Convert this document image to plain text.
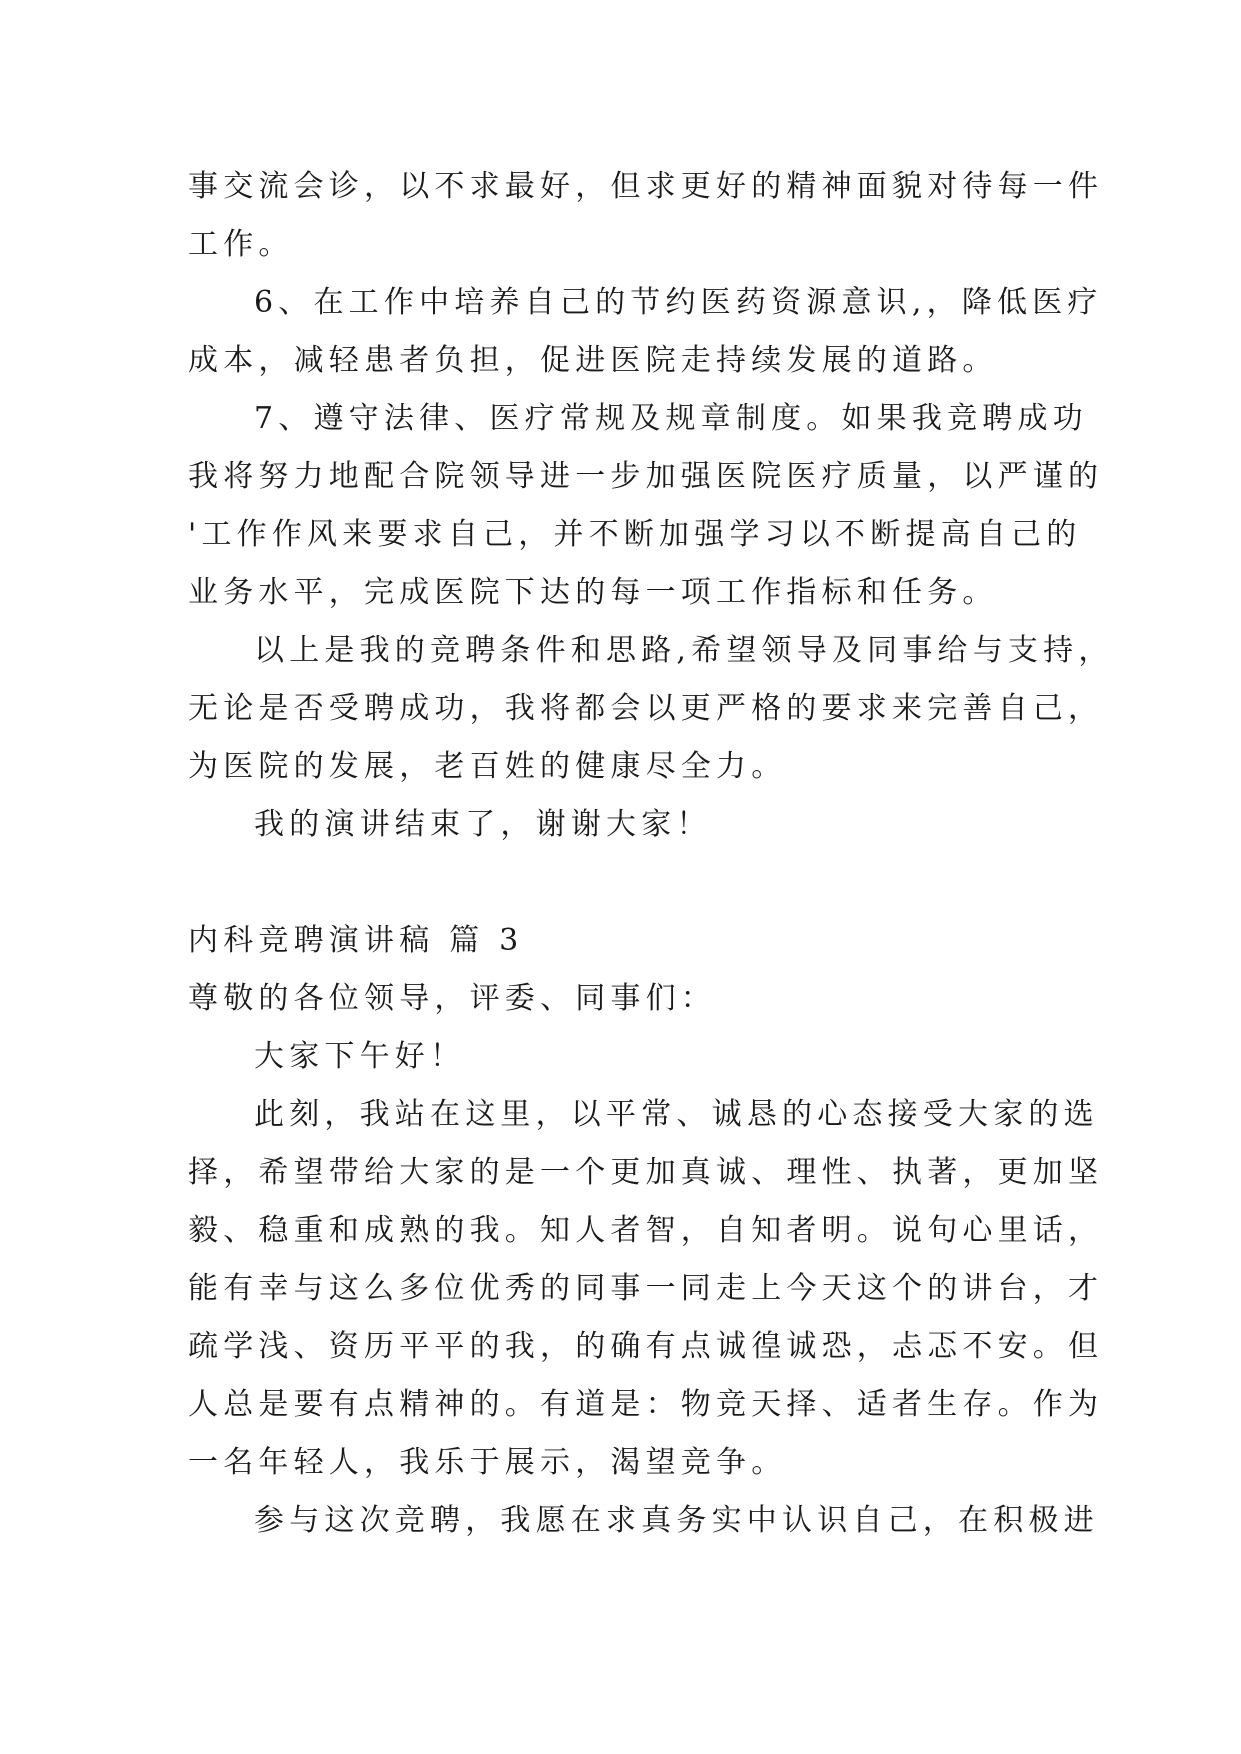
事交流会诊，以不求最好，但求更好的精神面貌对待每一件
工作。
6、在工作中培养自己的节约医药资源意识,，降低医疗
成本，减轻患者负担，促进医院走持续发展的道路。
7、遵守法律、医疗常规及规章制度。如果我竞聘成功
我将努力地配合院领导进一步加强医院医疗质量，以严谨的
'工作作风来要求自己，并不断加强学习以不断提高自己的
业务水平，完成医院下达的每一项工作指标和任务。
以上是我的竞聘条件和思路,希望领导及同事给与支持，
无论是否受聘成功，我将都会以更严格的要求来完善自己，
为医院的发展，老百姓的健康尽全力。
我的演讲结束了，谢谢大家！
内科竞聘演讲稿 篇 3
尊敬的各位领导，评委、同事们：
大家下午好！
此刻，我站在这里，以平常、诚恳的心态接受大家的选
择，希望带给大家的是一个更加真诚、理性、执著，更加坚
毅、稳重和成熟的我。知人者智，自知者明。说句心里话，
能有幸与这么多位优秀的同事一同走上今天这个的讲台，才
疏学浅、资历平平的我，的确有点诚徨诚恐，忐忑不安。但
人总是要有点精神的。有道是：物竞天择、适者生存。作为
一名年轻人，我乐于展示，渴望竞争。
参与这次竞聘，我愿在求真务实中认识自己，在积极进
